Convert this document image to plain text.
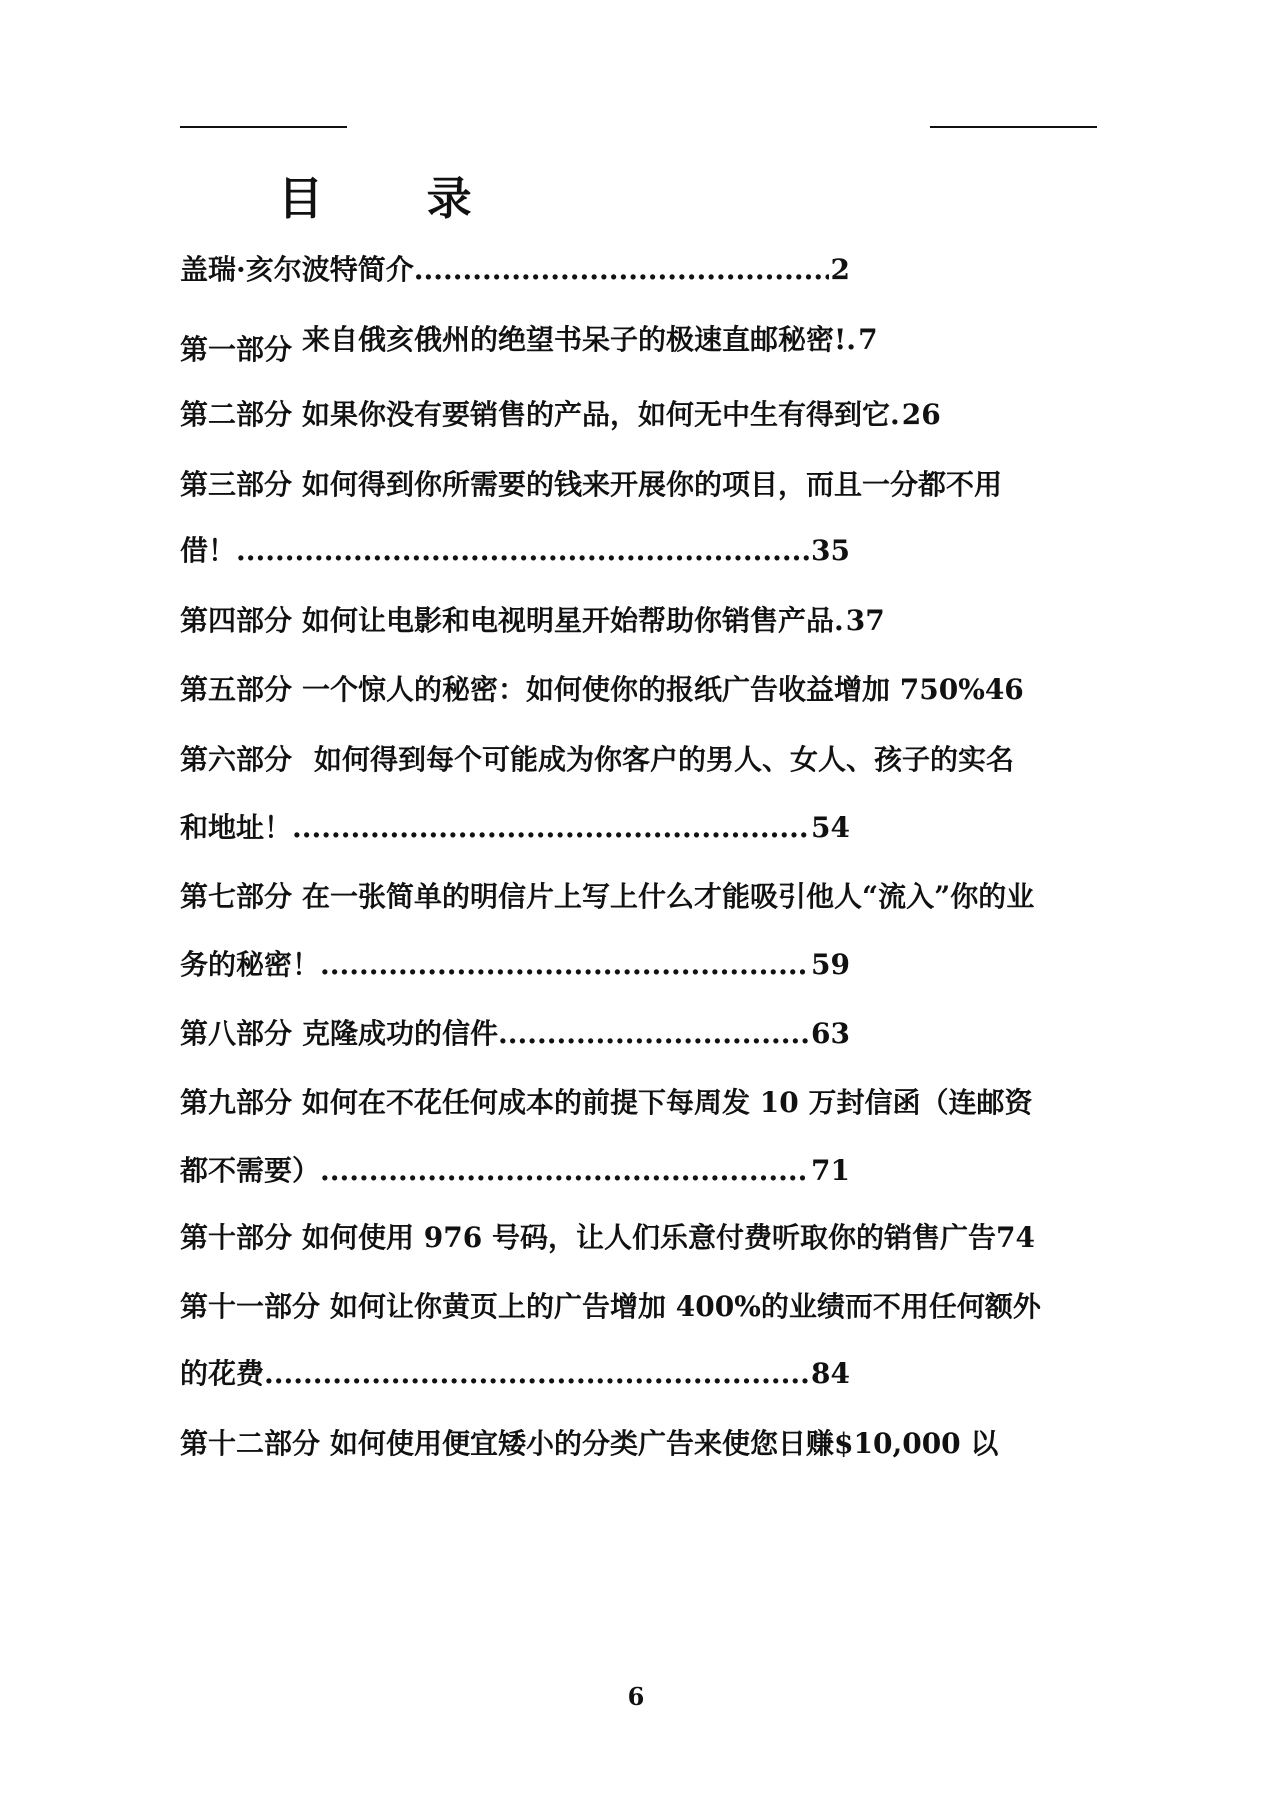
目 录
盖瑞·亥尔波特简介. .....	2
第一部分 来自俄亥俄州的绝望书呆子的极速直邮秘密!. 7
第二部分 如果你没有要销售的产品，如何无中生有得到它. 26
第三部分 如何得到你所需要的钱来开展你的项目，而且一分都不用
借！ .....	35
第四部分 如何让电影和电视明星开始帮助你销售产品. 37
第五部分 一个惊人的秘密：如何使你的报纸广告收益增加 750% 46
第六部分 如何得到每个可能成为你客户的男人、女人、孩子的实名
和地址！ .....	54
第七部分 在一张简单的明信片上写上什么才能吸引他人“流入”你的业
务的秘密！ .....	59
第八部分 克隆成功的信件. .....	63
第九部分 如何在不花任何成本的前提下每周发 10 万封信函（连邮资
都不需要） .....	71
第十部分 如何使用 976 号码，让人们乐意付费听取你的销售广告 74
第十一部分 如何让你黄页上的广告增加 400%的业绩而不用任何额外
的花费. .....	84
第十二部分 如何使用便宜矮小的分类广告来使您日赚$10,000 以
6
